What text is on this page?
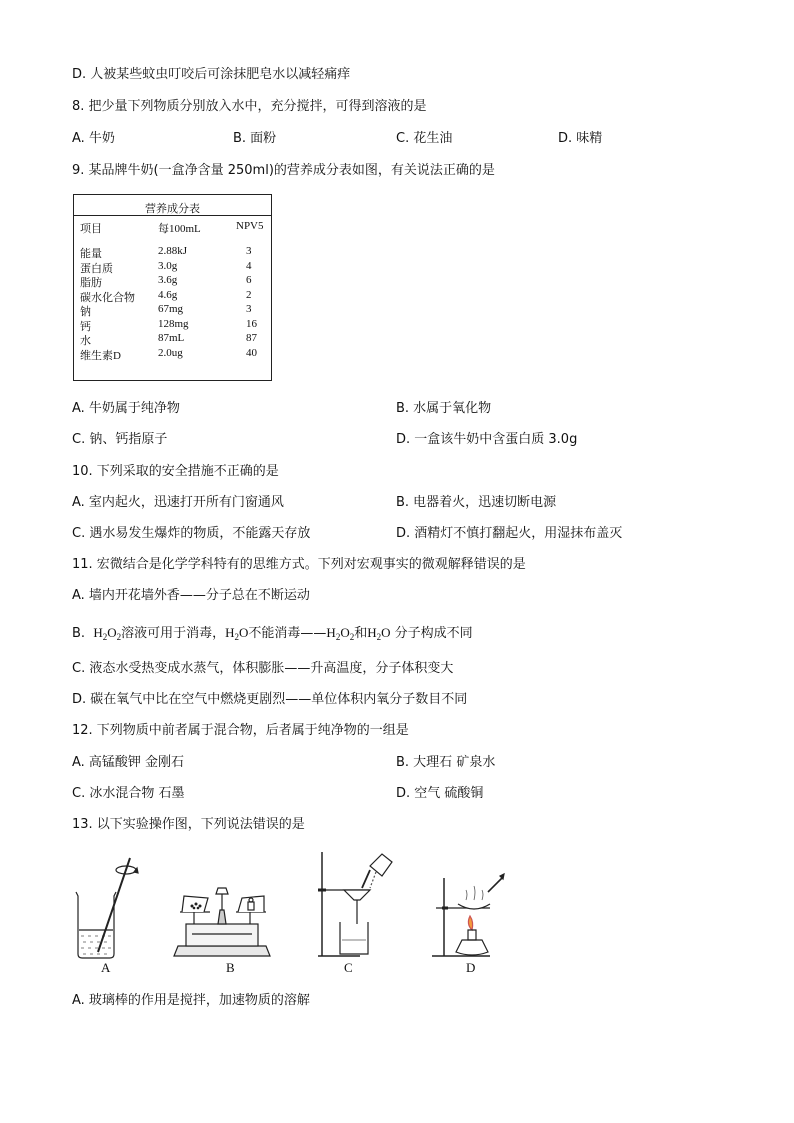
D. 人被某些蚊虫叮咬后可涂抹肥皂水以减轻痛痒
8. 把少量下列物质分别放入水中，充分搅拌，可得到溶液的是
A. 牛奶	B. 面粉	C. 花生油	D. 味精
9. 某品牌牛奶(一盒净含量 250ml)的营养成分表如图，有关说法正确的是
营养成分表
项目	每100mL	NPV5
能量	2.88kJ	3
蛋白质	3.0g	4
脂肪	3.6g	6
碳水化合物 4.6g	2
钠	67mg	3
钙	128mg	16
水	87mL	87
维生素D	2.0ug	40
A. 牛奶属于纯净物	B. 水属于氧化物
C. 钠、钙指原子	D. 一盒该牛奶中含蛋白质 3.0g
10. 下列采取的安全措施不正确的是
A. 室内起火，迅速打开所有门窗通风	B. 电器着火，迅速切断电源
C. 遇水易发生爆炸的物质，不能露天存放	D. 酒精灯不慎打翻起火，用湿抹布盖灭
11. 宏微结合是化学学科特有的思维方式。下列对宏观事实的微观解释错误的是
A. 墙内开花墙外香——分子总在不断运动
B. $H_2O_2$溶液可用于消毒，$H_2O$不能消毒$——H_2O_2$和$H_2O$ 分子构成不同
C. 液态水受热变成水蒸气，体积膨胀——升高温度，分子体积变大
D. 碳在氧气中比在空气中燃烧更剧烈——单位体积内氧分子数目不同
12. 下列物质中前者属于混合物，后者属于纯净物的一组是
A. 高锰酸钾 金刚石	B. 大理石 矿泉水
C. 冰水混合物 石墨	D. 空气 硫酸铜
13. 以下实验操作图，下列说法错误的是
A	B	C	D
A. 玻璃棒的作用是搅拌，加速物质的溶解
